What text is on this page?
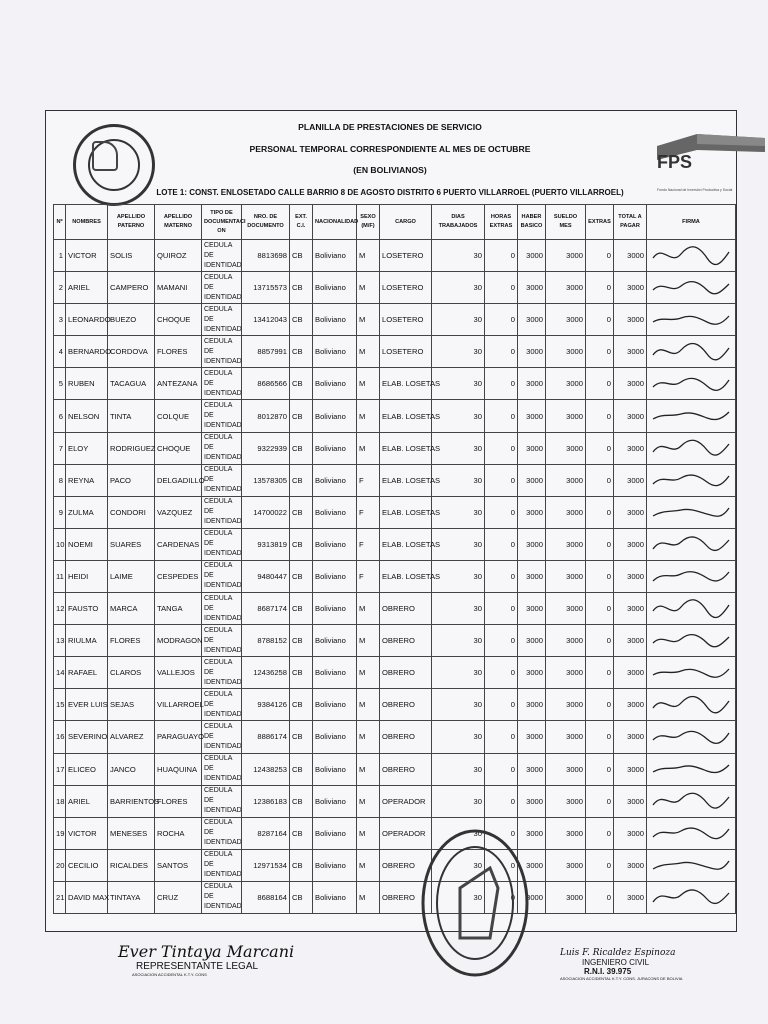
PLANILLA DE PRESTACIONES DE SERVICIO
PERSONAL TEMPORAL CORRESPONDIENTE AL MES DE OCTUBRE
(EN BOLIVIANOS)
LOTE 1: CONST. ENLOSETADO CALLE BARRIO 8 DE AGOSTO DISTRITO 6 PUERTO VILLARROEL (PUERTO VILLARROEL)
FPS
Fondo Nacional de Inversión Productiva y Social
Nº	NOMBRES	APELLIDO PATERNO	APELLIDO MATERNO	TIPO DE DOCUMENTACI ON	NRO. DE DOCUMENTO	EXT. C.I.	NACIONALIDAD	SEXO (M/F)	CARGO	DIAS TRABAJADOS	HORAS EXTRAS	HABER BASICO	SUELDO MES	EXTRAS	TOTAL A PAGAR	FIRMA
1	VICTOR	SOLIS	QUIROZ	CEDULA DE IDENTIDAD	8813698	CB	Boliviano	M	LOSETERO	30	0	3000	3000	0	3000	
2	ARIEL	CAMPERO	MAMANI	CEDULA DE IDENTIDAD	13715573	CB	Boliviano	M	LOSETERO	30	0	3000	3000	0	3000	
3	LEONARDO	BUEZO	CHOQUE	CEDULA DE IDENTIDAD	13412043	CB	Boliviano	M	LOSETERO	30	0	3000	3000	0	3000	
4	BERNARDO	CORDOVA	FLORES	CEDULA DE IDENTIDAD	8857991	CB	Boliviano	M	LOSETERO	30	0	3000	3000	0	3000	
5	RUBEN	TACAGUA	ANTEZANA	CEDULA DE IDENTIDAD	8686566	CB	Boliviano	M	ELAB. LOSETAS	30	0	3000	3000	0	3000	
6	NELSON	TINTA	COLQUE	CEDULA DE IDENTIDAD	8012870	CB	Boliviano	M	ELAB. LOSETAS	30	0	3000	3000	0	3000	
7	ELOY	RODRIGUEZ	CHOQUE	CEDULA DE IDENTIDAD	9322939	CB	Boliviano	M	ELAB. LOSETAS	30	0	3000	3000	0	3000	
8	REYNA	PACO	DELGADILLO	CEDULA DE IDENTIDAD	13578305	CB	Boliviano	F	ELAB. LOSETAS	30	0	3000	3000	0	3000	
9	ZULMA	CONDORI	VAZQUEZ	CEDULA DE IDENTIDAD	14700022	CB	Boliviano	F	ELAB. LOSETAS	30	0	3000	3000	0	3000	
10	NOEMI	SUARES	CARDENAS	CEDULA DE IDENTIDAD	9313819	CB	Boliviano	F	ELAB. LOSETAS	30	0	3000	3000	0	3000	
11	HEIDI	LAIME	CESPEDES	CEDULA DE IDENTIDAD	9480447	CB	Boliviano	F	ELAB. LOSETAS	30	0	3000	3000	0	3000	
12	FAUSTO	MARCA	TANGA	CEDULA DE IDENTIDAD	8687174	CB	Boliviano	M	OBRERO	30	0	3000	3000	0	3000	
13	RIULMA	FLORES	MODRAGON	CEDULA DE IDENTIDAD	8788152	CB	Boliviano	M	OBRERO	30	0	3000	3000	0	3000	
14	RAFAEL	CLAROS	VALLEJOS	CEDULA DE IDENTIDAD	12436258	CB	Boliviano	M	OBRERO	30	0	3000	3000	0	3000	
15	EVER LUIS	SEJAS	VILLARROEL	CEDULA DE IDENTIDAD	9384126	CB	Boliviano	M	OBRERO	30	0	3000	3000	0	3000	
16	SEVERINO	ALVAREZ	PARAGUAYO	CEDULA DE IDENTIDAD	8886174	CB	Boliviano	M	OBRERO	30	0	3000	3000	0	3000	
17	ELICEO	JANCO	HUAQUINA	CEDULA DE IDENTIDAD	12438253	CB	Boliviano	M	OBRERO	30	0	3000	3000	0	3000	
18	ARIEL	BARRIENTOS	FLORES	CEDULA DE IDENTIDAD	12386183	CB	Boliviano	M	OPERADOR	30	0	3000	3000	0	3000	
19	VICTOR	MENESES	ROCHA	CEDULA DE IDENTIDAD	8287164	CB	Boliviano	M	OPERADOR	30	0	3000	3000	0	3000	
20	CECILIO	RICALDES	SANTOS	CEDULA DE IDENTIDAD	12971534	CB	Boliviano	M	OBRERO	30	0	3000	3000	0	3000	
21	DAVID MAX	TINTAYA	CRUZ	CEDULA DE IDENTIDAD	8688164	CB	Boliviano	M	OBRERO	30	0	3000	3000	0	3000	
Ever Tintaya Marcani
REPRESENTANTE LEGAL
ASOCIACION ACCIDENTAL K.T.Y. CONS
Luis F. Ricaldez Espinoza
INGENIERO CIVIL
R.N.I. 39.975
ASOCIACION ACCIDENTAL K.T.Y. CONS. JURACONS DE BOLIVIA
